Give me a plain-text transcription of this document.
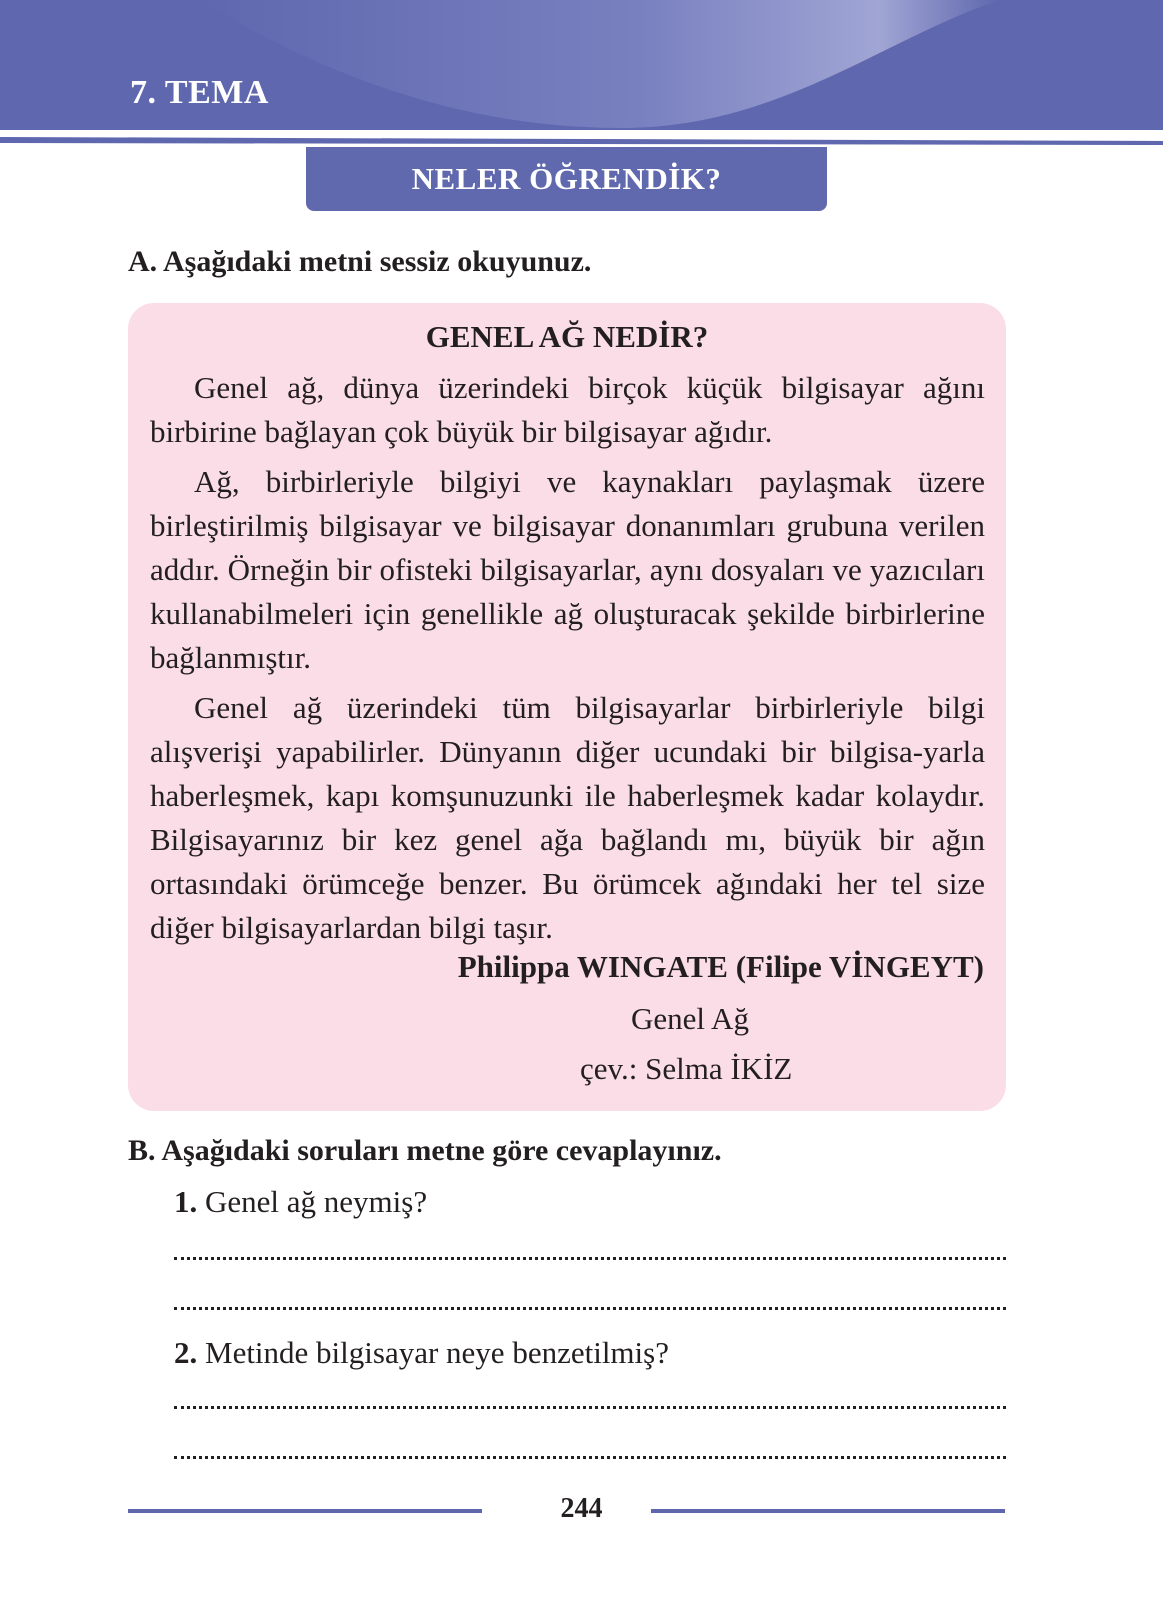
7. TEMA
NELER ÖĞRENDİK?
A. Aşağıdaki metni sessiz okuyunuz.
GENEL AĞ NEDİR?

Genel ağ, dünya üzerindeki birçok küçük bilgisayar ağını birbirine bağlayan çok büyük bir bilgisayar ağıdır.

Ağ, birbirleriyle bilgiyi ve kaynakları paylaşmak üzere birleştirilmiş bilgisayar ve bilgisayar donanımları grubuna verilen addır. Örneğin bir ofisteki bilgisayarlar, aynı dosyaları ve yazıcıları kullanabilmeleri için genellikle ağ oluşturacak şekilde birbirlerine bağlanmıştır.

Genel ağ üzerindeki tüm bilgisayarlar birbirleriyle bilgi alışverişi yapabilirler. Dünyanın diğer ucundaki bir bilgisa-yarla haberleşmek, kapı komşunuzunki ile haberleşmek kadar kolaydır. Bilgisayarınız bir kez genel ağa bağlandı mı, büyük bir ağın ortasındaki örümceğe benzer. Bu örümcek ağındaki her tel size diğer bilgisayarlardan bilgi taşır.

Philippa WINGATE (Filipe VİNGEYT)
Genel Ağ
çev.: Selma İKİZ
B. Aşağıdaki soruları metne göre cevaplayınız.
1. Genel ağ neymiş?
2. Metinde bilgisayar neye benzetilmiş?
244
